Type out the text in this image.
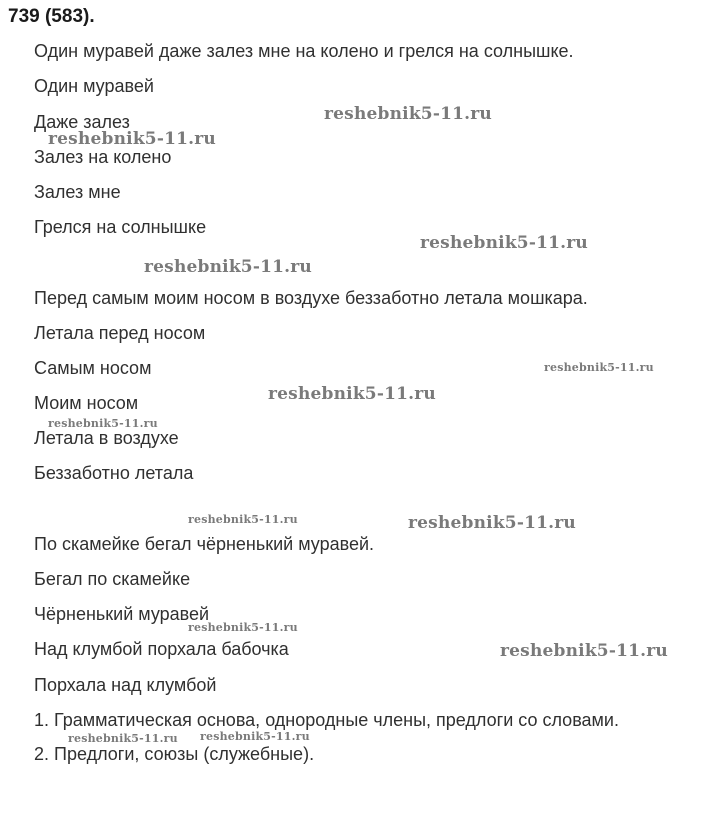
739 (583).
Один муравей даже залез мне на колено и грелся на солнышке.
Один муравей
Даже залез
Залез на колено
Залез мне
Грелся на солнышке
Перед самым моим носом в воздухе беззаботно летала мошкара.
Летала перед носом
Самым носом
Моим носом
Летала в воздухе
Беззаботно летала
По скамейке бегал чёрненький муравей.
Бегал по скамейке
Чёрненький муравей
Над клумбой порхала бабочка
Порхала над клумбой
1. Грамматическая основа, однородные члены, предлоги со словами.
2. Предлоги, союзы (служебные).
reshebnik5-11.ru
reshebnik5-11.ru
reshebnik5-11.ru
reshebnik5-11.ru
reshebnik5-11.ru
reshebnik5-11.ru
reshebnik5-11.ru
reshebnik5-11.ru	reshebnik5-11.ru
reshebnik5-11.ru
reshebnik5-11.ru
reshebnik5-11.ru reshebnik5-11.ru
